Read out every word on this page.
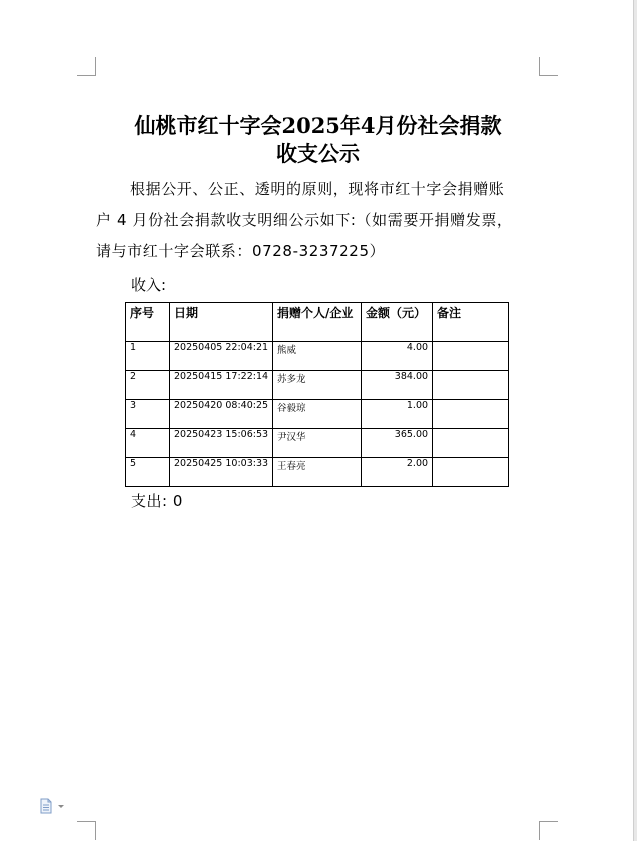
仙桃市红十字会2025年4月份社会捐款
收支公示
根据公开、公正、透明的原则，现将市红十字会捐赠账
户 4 月份社会捐款收支明细公示如下:（如需要开捐赠发票，
请与市红十字会联系：0728-3237225）
收入:
序号	日期	捐赠个人/企业	金额（元）	备注
1	20250405 22:04:21	熊威	4.00	
2	20250415 17:22:14	苏多龙	384.00	
3	20250420 08:40:25	谷毅琼	1.00	
4	20250423 15:06:53	尹汉华	365.00	
5	20250425 10:03:33	王春亮	2.00	
支出: 0
